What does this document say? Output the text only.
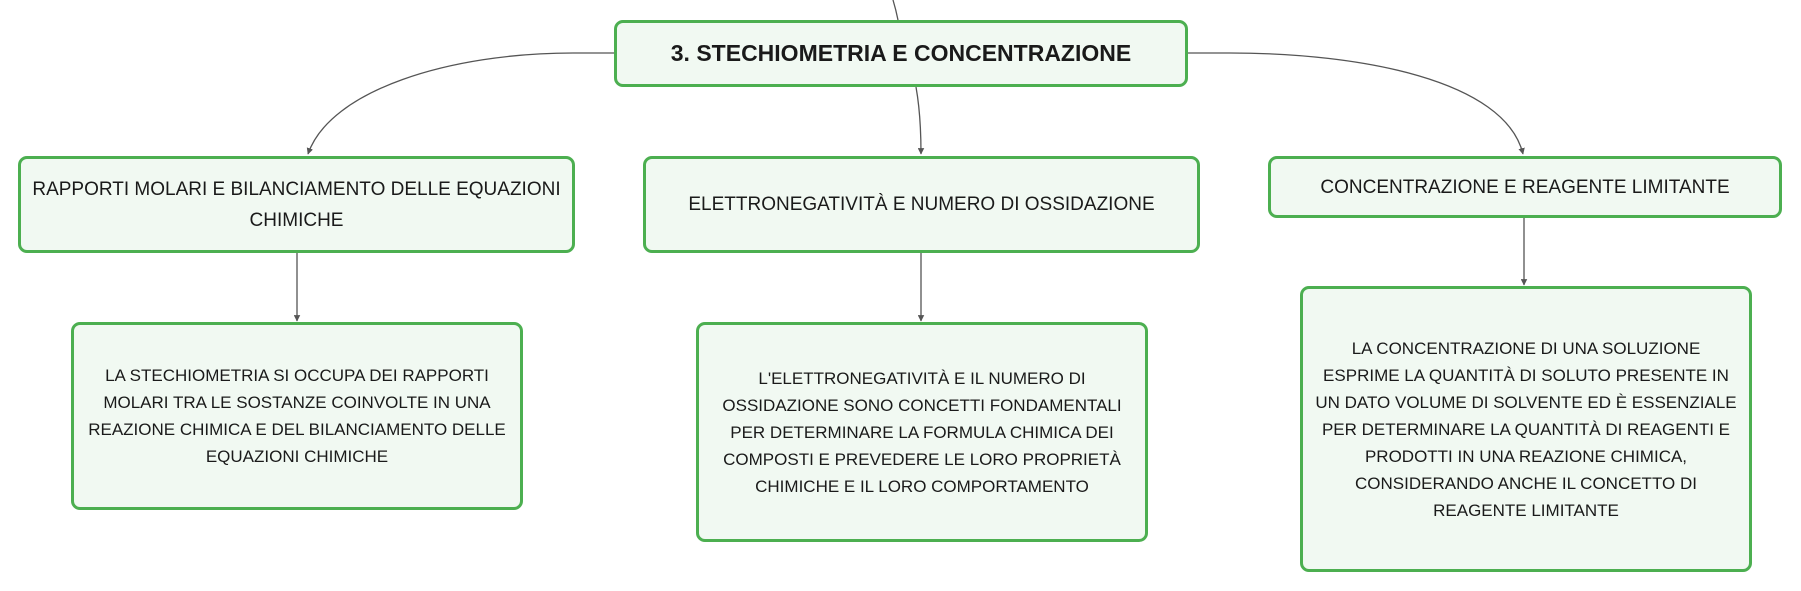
3. STECHIOMETRIA E CONCENTRAZIONE
RAPPORTI MOLARI E BILANCIAMENTO DELLE EQUAZIONI CHIMICHE
ELETTRONEGATIVITÀ E NUMERO DI OSSIDAZIONE
CONCENTRAZIONE E REAGENTE LIMITANTE
LA STECHIOMETRIA SI OCCUPA DEI RAPPORTI MOLARI TRA LE SOSTANZE COINVOLTE IN UNA REAZIONE CHIMICA E DEL BILANCIAMENTO DELLE EQUAZIONI CHIMICHE
L'ELETTRONEGATIVITÀ E IL NUMERO DI OSSIDAZIONE SONO CONCETTI FONDAMENTALI PER DETERMINARE LA FORMULA CHIMICA DEI COMPOSTI E PREVEDERE LE LORO PROPRIETÀ CHIMICHE E IL LORO COMPORTAMENTO
LA CONCENTRAZIONE DI UNA SOLUZIONE ESPRIME LA QUANTITÀ DI SOLUTO PRESENTE IN UN DATO VOLUME DI SOLVENTE ED È ESSENZIALE PER DETERMINARE LA QUANTITÀ DI REAGENTI E PRODOTTI IN UNA REAZIONE CHIMICA, CONSIDERANDO ANCHE IL CONCETTO DI REAGENTE LIMITANTE
